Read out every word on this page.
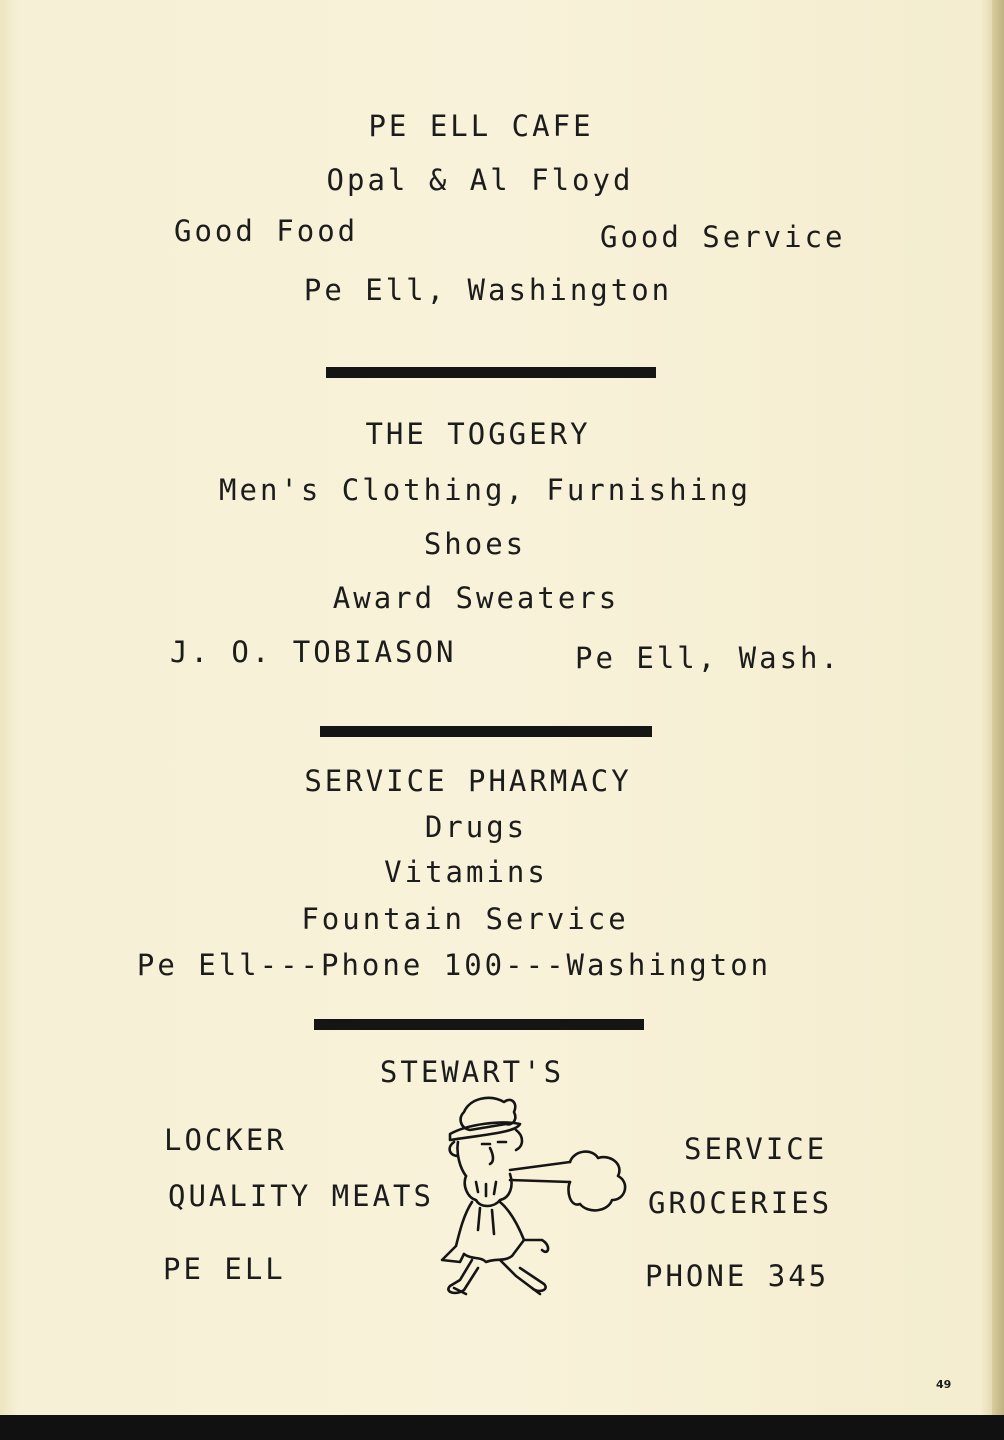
PE ELL CAFE
Opal & Al Floyd
Good Food	Good Service
Pe Ell, Washington
THE TOGGERY
Men's Clothing, Furnishing
Shoes
Award Sweaters
J. O. TOBIASON	Pe Ell, Wash.
SERVICE PHARMACY
Drugs
Vitamins
Fountain Service
Pe Ell---Phone 100---Washington
STEWART'S
LOCKER
QUALITY MEATS
PE ELL
SERVICE
GROCERIES
PHONE 345
49
